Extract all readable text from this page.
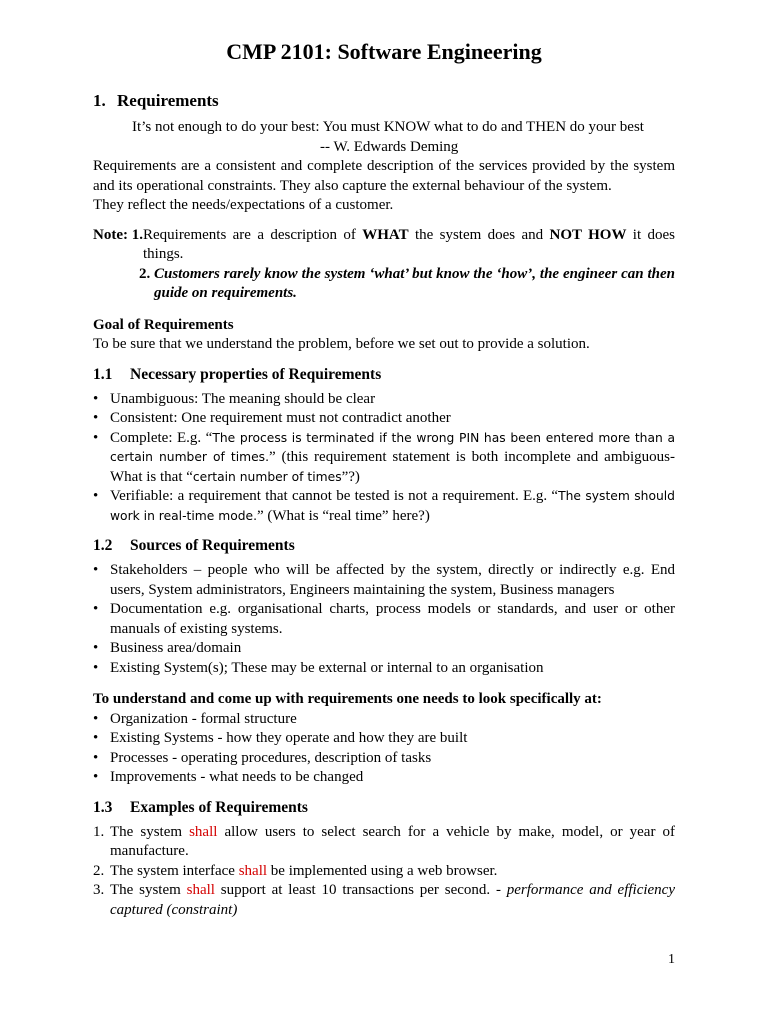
CMP 2101: Software Engineering
1. Requirements

It’s not enough to do your best: You must KNOW what to do and THEN do your best

-- W. Edwards Deming

Requirements are a consistent and complete description of the services provided by the system and its operational constraints. They also capture the external behaviour of the system.

They reflect the needs/expectations of a customer.

Note: 1. Requirements are a description of WHAT the system does and NOT HOW it does things.
2. Customers rarely know the system ‘what’ but know the ‘how’, the engineer can then guide on requirements.
Goal of Requirements

To be sure that we understand the problem, before we set out to provide a solution.

1.1 Necessary properties of Requirements
• Unambiguous: The meaning should be clear
• Consistent: One requirement must not contradict another
• Complete: E.g. “The process is terminated if the wrong PIN has been entered more than a certain number of times.” (this requirement statement is both incomplete and ambiguous- What is that “certain number of times”?)
• Verifiable: a requirement that cannot be tested is not a requirement. E.g. “The system should work in real-time mode.” (What is “real time” here?)
1.2 Sources of Requirements
• Stakeholders – people who will be affected by the system, directly or indirectly e.g. End users, System administrators, Engineers maintaining the system, Business managers
• Documentation e.g. organisational charts, process models or standards, and user or other manuals of existing systems.
• Business area/domain
• Existing System(s); These may be external or internal to an organisation
To understand and come up with requirements one needs to look specifically at:
• Organization - formal structure
• Existing Systems - how they operate and how they are built
• Processes - operating procedures, description of tasks
• Improvements - what needs to be changed
1.3 Examples of Requirements
1. The system shall allow users to select search for a vehicle by make, model, or year of manufacture.
2. The system interface shall be implemented using a web browser.
3. The system shall support at least 10 transactions per second. - performance and efficiency captured (constraint)
1
